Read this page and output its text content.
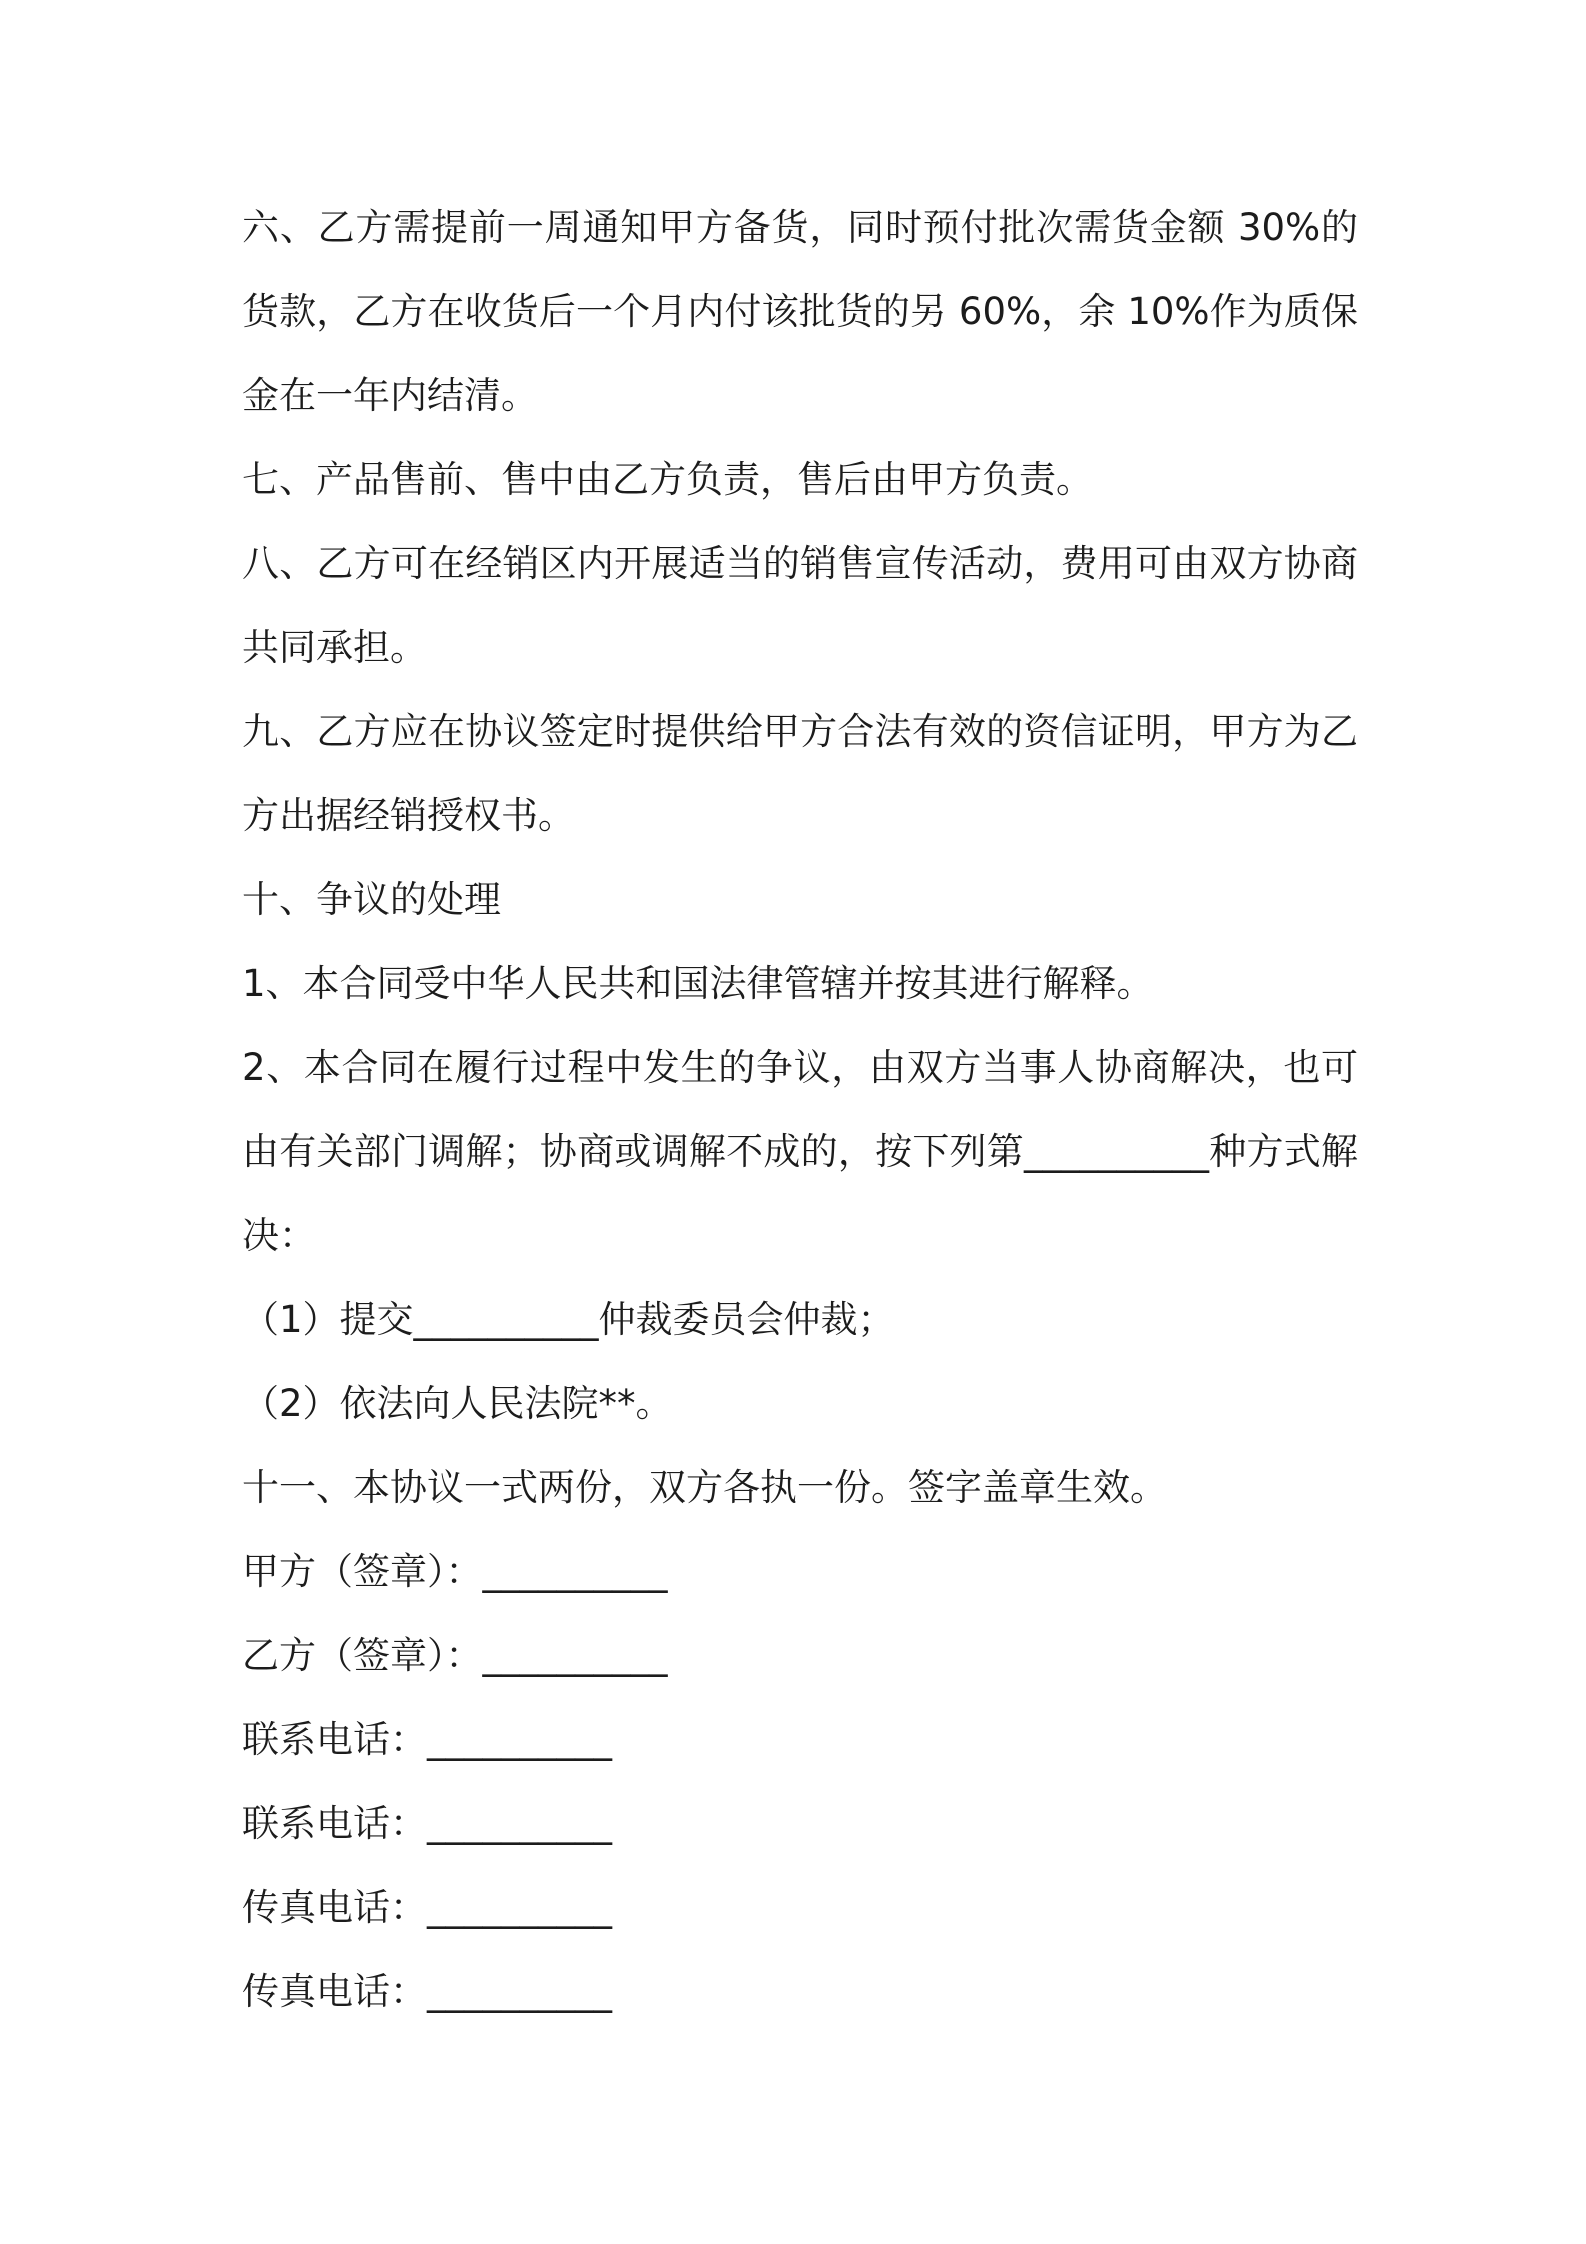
六、乙方需提前一周通知甲方备货，同时预付批次需货金额 30%的
货款，乙方在收货后一个月内付该批货的另 60%，余 10%作为质保
金在一年内结清。
七、产品售前、售中由乙方负责，售后由甲方负责。
八、乙方可在经销区内开展适当的销售宣传活动，费用可由双方协商
共同承担。
九、乙方应在协议签定时提供给甲方合法有效的资信证明，甲方为乙
方出据经销授权书。
十、争议的处理
1、本合同受中华人民共和国法律管辖并按其进行解释。
2、本合同在履行过程中发生的争议，由双方当事人协商解决，也可
由有关部门调解；协商或调解不成的，按下列第__________种方式解
决：
（1）提交__________仲裁委员会仲裁；
（2）依法向人民法院**。
十一、本协议一式两份，双方各执一份。签字盖章生效。
甲方（签章）：__________
乙方（签章）：__________
联系电话：__________
联系电话：__________
传真电话：__________
传真电话：__________
